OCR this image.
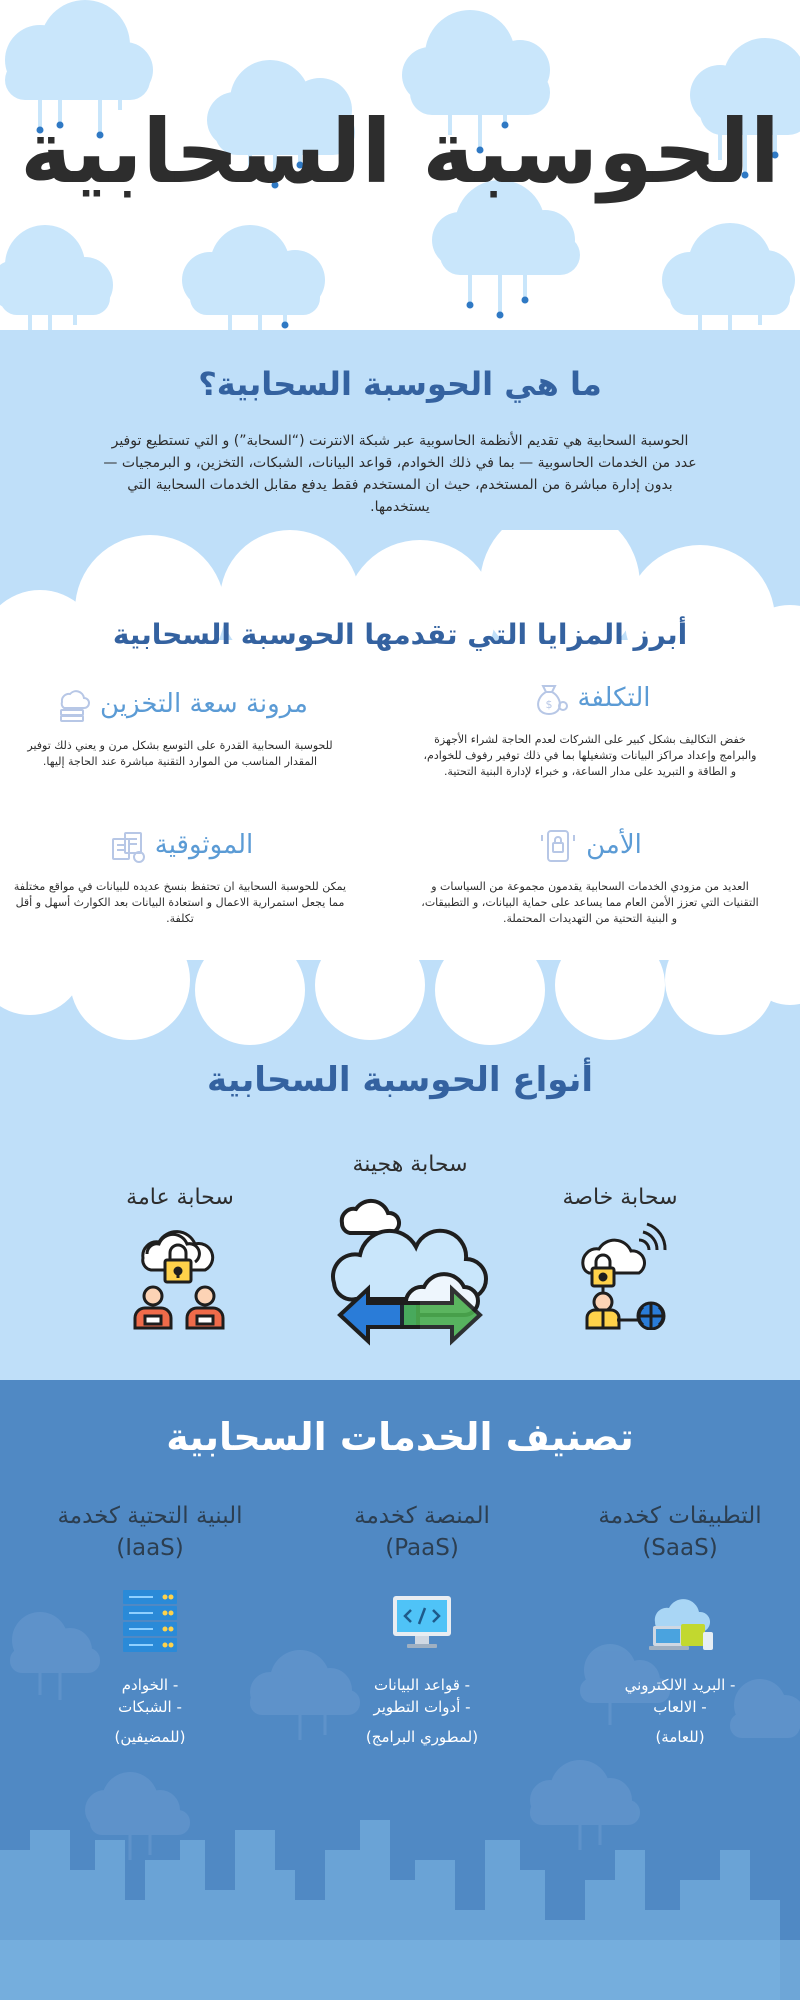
الحوسبة السحابية
ما هي الحوسبة السحابية؟

الحوسبة السحابية هي تقديم الأنظمة الحاسوبية عبر شبكة الانترنت (“السحابة”) و التي تستطيع توفير عدد من الخدمات الحاسوبية — بما في ذلك الخوادم، قواعد البيانات، الشبكات، التخزين، و البرمجيات — بدون إدارة مباشرة من المستخدم، حيث ان المستخدم فقط يدفع مقابل الخدمات السحابية التي يستخدمها.

أبرز المزايا التي تقدمها الحوسبة السحابية
التكلفة
$

خفض التكاليف بشكل كبير على الشركات لعدم الحاجة لشراء الأجهزة والبرامج وإعداد مراكز البيانات وتشغيلها بما في ذلك توفير رفوف للخوادم، و الطاقة و التبريد على مدار الساعة، و خبراء لإدارة البنية التحتية.

مرونة سعة التخزين

للحوسبة السحابية القدرة على التوسع بشكل مرن و يعني ذلك توفير المقدار المناسب من الموارد التقنية مباشرة عند الحاجة إليها.

الأمن

العديد من مزودي الخدمات السحابية يقدمون مجموعة من السياسات و التقنيات التي تعزز الأمن العام مما يساعد على حماية البيانات، و التطبيقات، و البنية التحتية من التهديدات المحتملة.

الموثوقية

يمكن للحوسبة السحابية ان تحتفظ بنسخ عديده للبيانات في مواقع مختلفة مما يجعل استمرارية الاعمال و استعادة البيانات بعد الكوارث أسهل و أقل تكلفة.

أنواع الحوسبة السحابية
سحابة خاصة
سحابة هجينة
سحابة عامة
تصنيف الخدمات السحابية
التطبيقات كخدمة
(SaaS)
- البريد الالكتروني
- الالعاب
(للعامة)
المنصة كخدمة
(PaaS)
- قواعد البيانات
- أدوات التطوير
(لمطوري البرامج)
البنية التحتية كخدمة
(IaaS)
- الخوادم
- الشبكات
(للمضيفين)
